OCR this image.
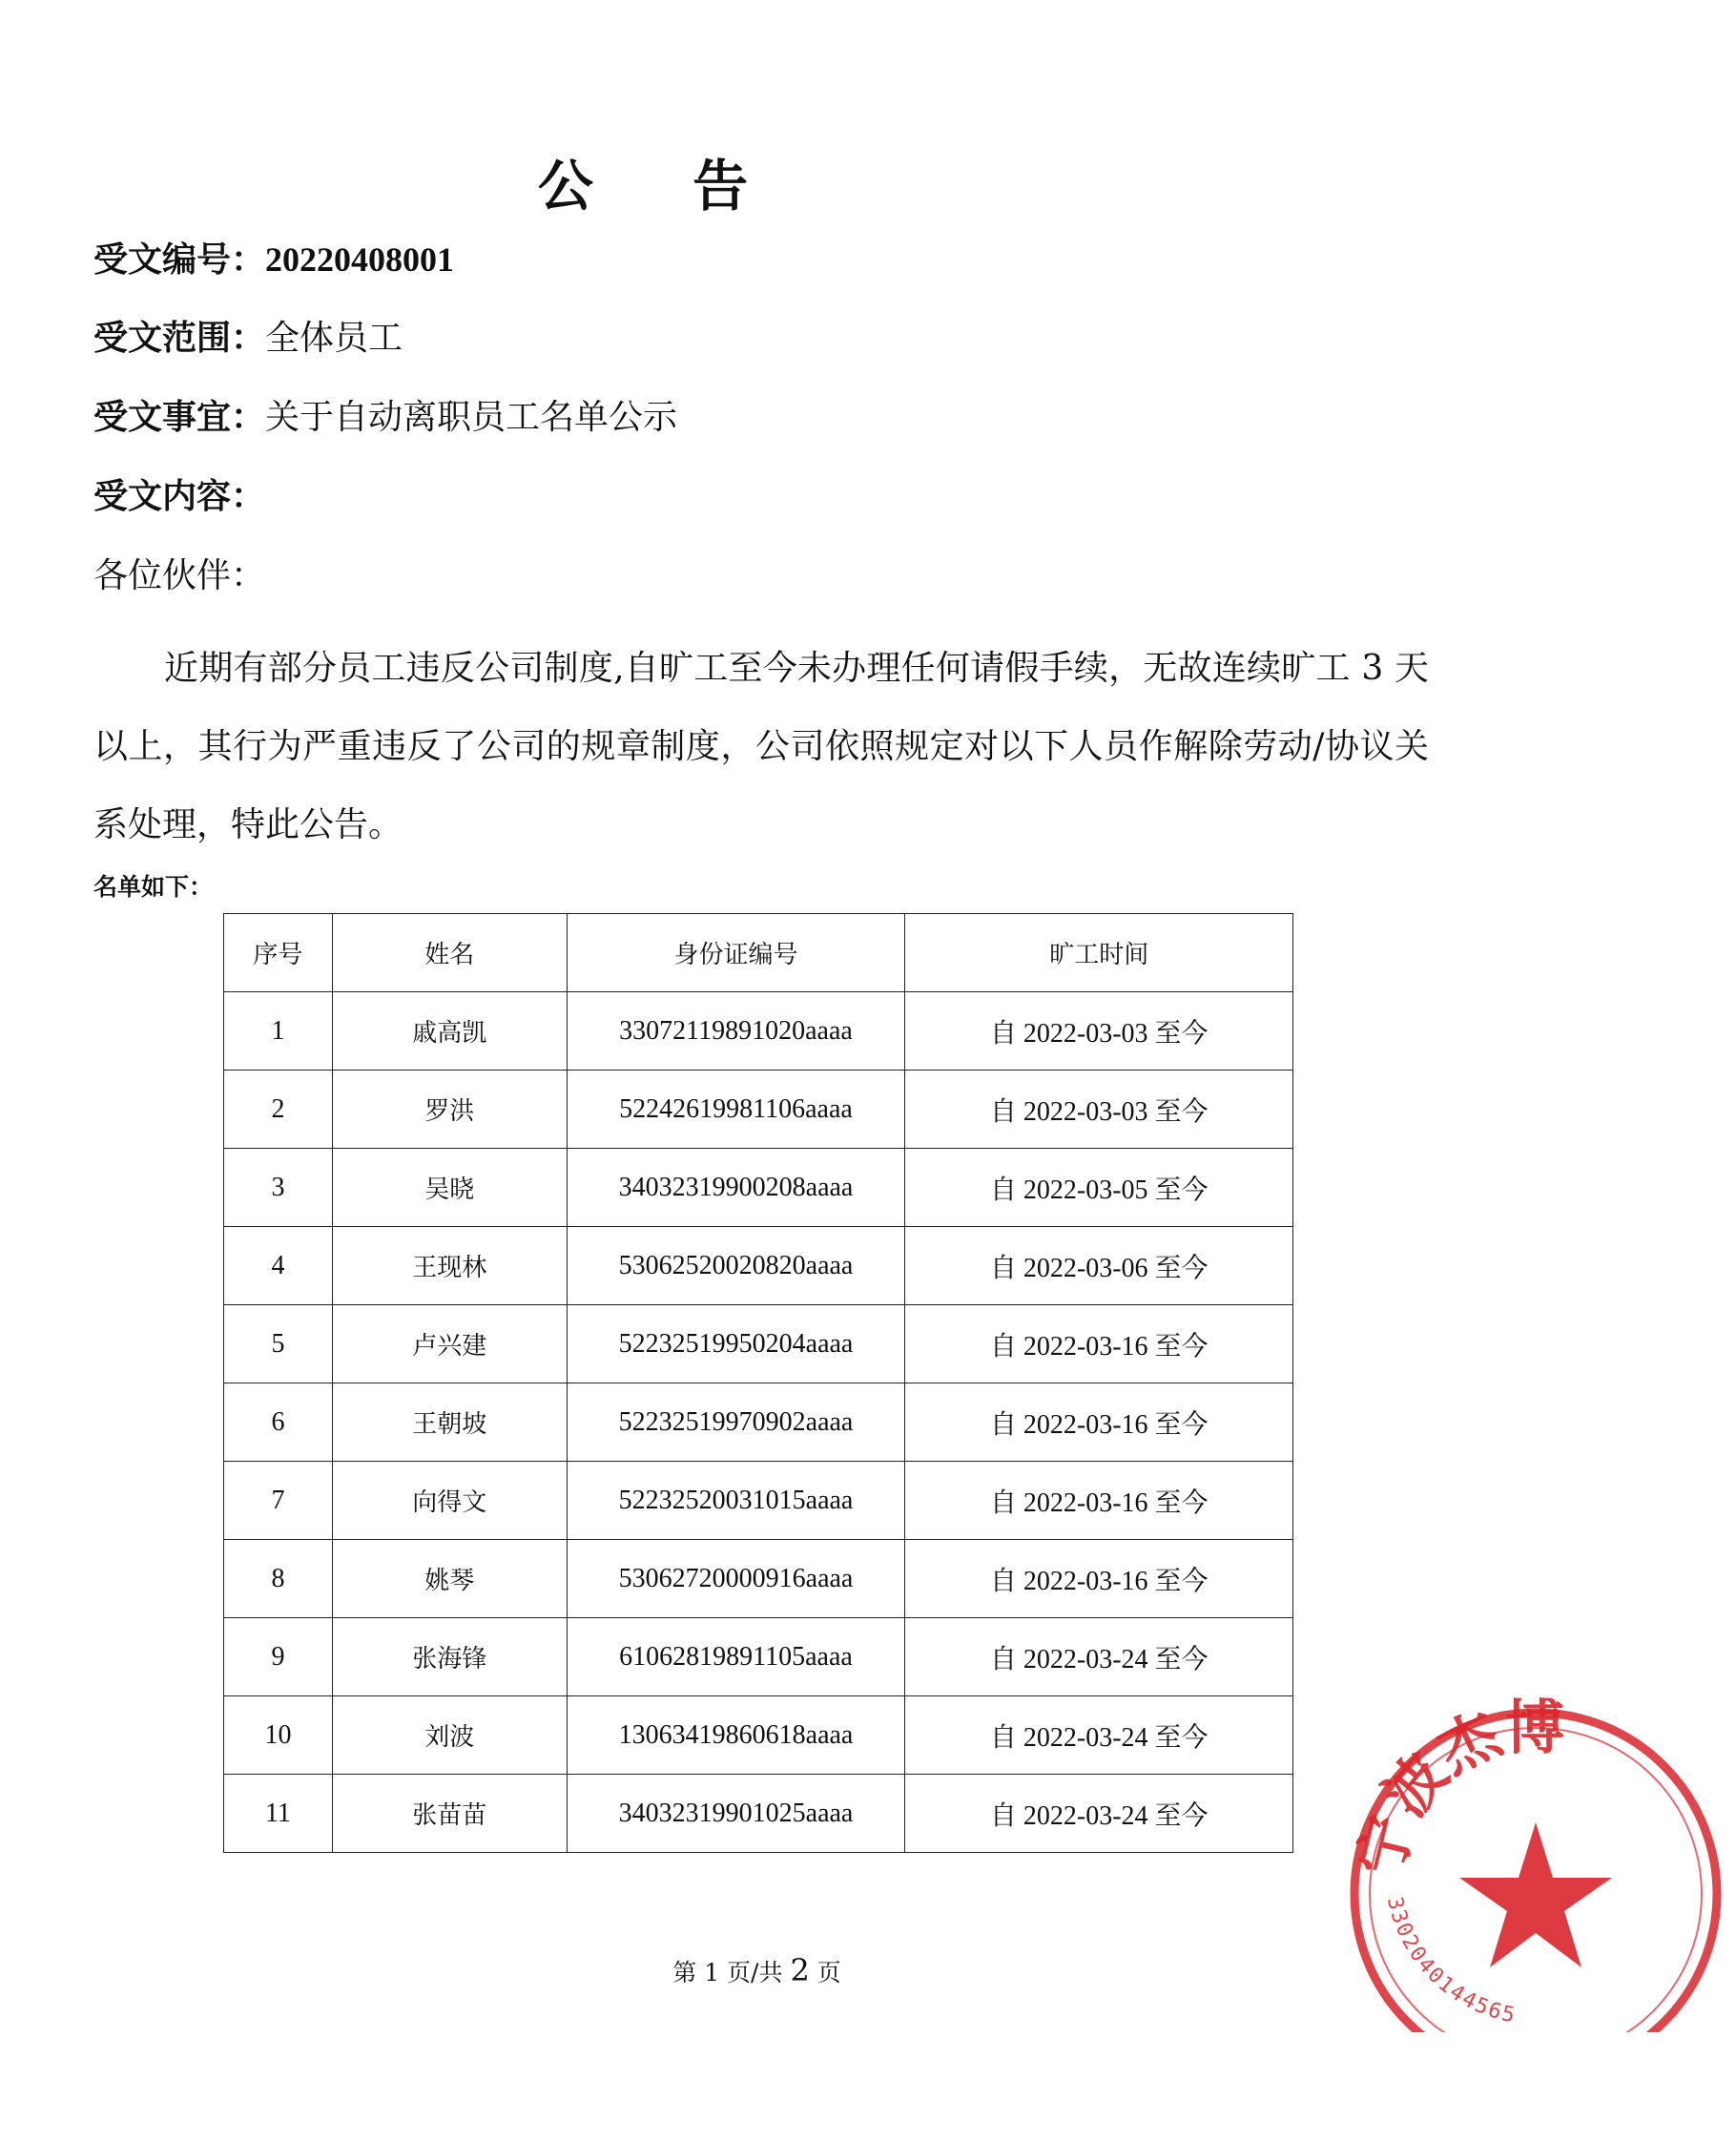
公 告
受文编号：20220408001
受文范围：全体员工
受文事宜：关于自动离职员工名单公示
受文内容：
各位伙伴：
近期有部分员工违反公司制度,自旷工至今未办理任何请假手续，无故连续旷工 3 天以上，其行为严重违反了公司的规章制度，公司依照规定对以下人员作解除劳动/协议关系处理，特此公告。
名单如下：
序号	姓名	身份证编号	旷工时间
1	戚高凯	33072119891020aaaa	自 2022-03-03 至今
2	罗洪	52242619981106aaaa	自 2022-03-03 至今
3	吴晓	34032319900208aaaa	自 2022-03-05 至今
4	王现林	53062520020820aaaa	自 2022-03-06 至今
5	卢兴建	52232519950204aaaa	自 2022-03-16 至今
6	王朝坡	52232519970902aaaa	自 2022-03-16 至今
7	向得文	52232520031015aaaa	自 2022-03-16 至今
8	姚琴	53062720000916aaaa	自 2022-03-16 至今
9	张海锋	61062819891105aaaa	自 2022-03-24 至今
10	刘波	13063419860618aaaa	自 2022-03-24 至今
11	张苗苗	34032319901025aaaa	自 2022-03-24 至今
第 1 页/共 2 页
宁波杰博
3302040144565
